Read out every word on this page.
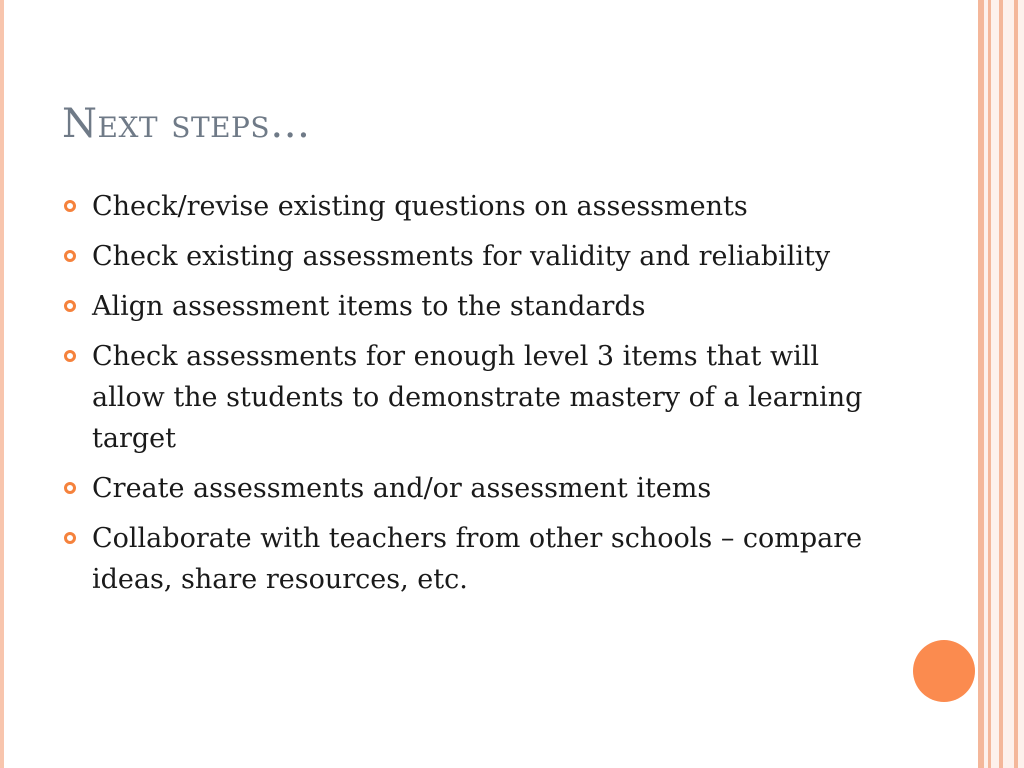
Next steps…
Check/revise existing questions on assessments
Check existing assessments for validity and reliability
Align assessment items to the standards
Check assessments for enough level 3 items that will allow the students to demonstrate mastery of a learning target
Create assessments and/or assessment items
Collaborate with teachers from other schools – compare ideas, share resources, etc.
